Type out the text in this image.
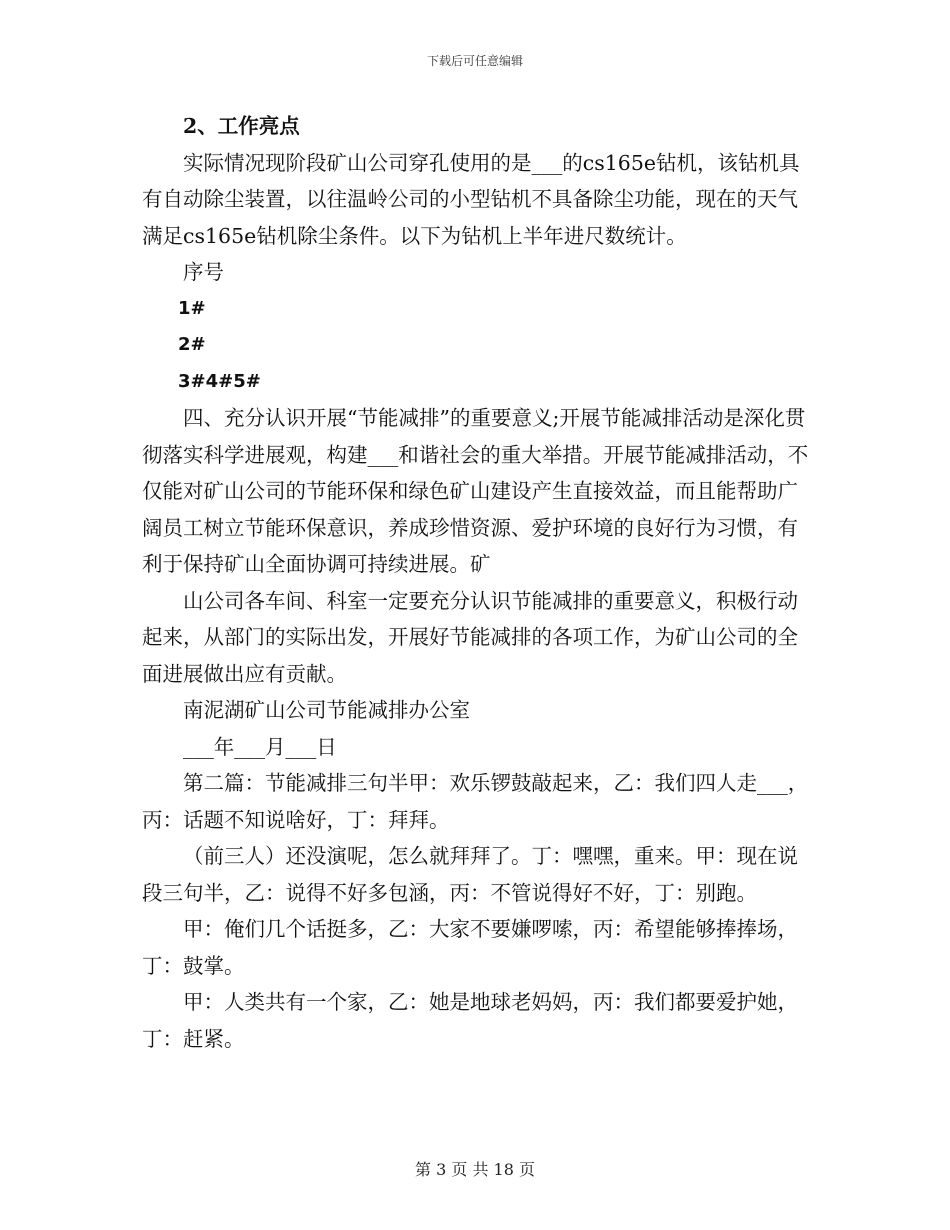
下载后可任意编辑

2、工作亮点

实际情况现阶段矿山公司穿孔使用的是___的cs165e钻机，该钻机具有自动除尘装置，以往温岭公司的小型钻机不具备除尘功能，现在的天气满足cs165e钻机除尘条件。以下为钻机上半年进尺数统计。

序号

1#

2#

3#4#5#

四、充分认识开展“节能减排”的重要意义;开展节能减排活动是深化贯彻落实科学进展观，构建___和谐社会的重大举措。开展节能减排活动，不仅能对矿山公司的节能环保和绿色矿山建设产生直接效益，而且能帮助广阔员工树立节能环保意识，养成珍惜资源、爱护环境的良好行为习惯，有利于保持矿山全面协调可持续进展。矿

山公司各车间、科室一定要充分认识节能减排的重要意义，积极行动起来，从部门的实际出发，开展好节能减排的各项工作，为矿山公司的全面进展做出应有贡献。

南泥湖矿山公司节能减排办公室

___年___月___日

第二篇：节能减排三句半甲：欢乐锣鼓敲起来，乙：我们四人走___，丙：话题不知说啥好，丁：拜拜。

（前三人）还没演呢，怎么就拜拜了。丁：嘿嘿，重来。甲：现在说段三句半，乙：说得不好多包涵，丙：不管说得好不好，丁：别跑。

甲：俺们几个话挺多，乙：大家不要嫌啰嗦，丙：希望能够捧捧场，丁：鼓掌。

甲：人类共有一个家，乙：她是地球老妈妈，丙：我们都要爱护她，丁：赶紧。

第 3 页 共 18 页
